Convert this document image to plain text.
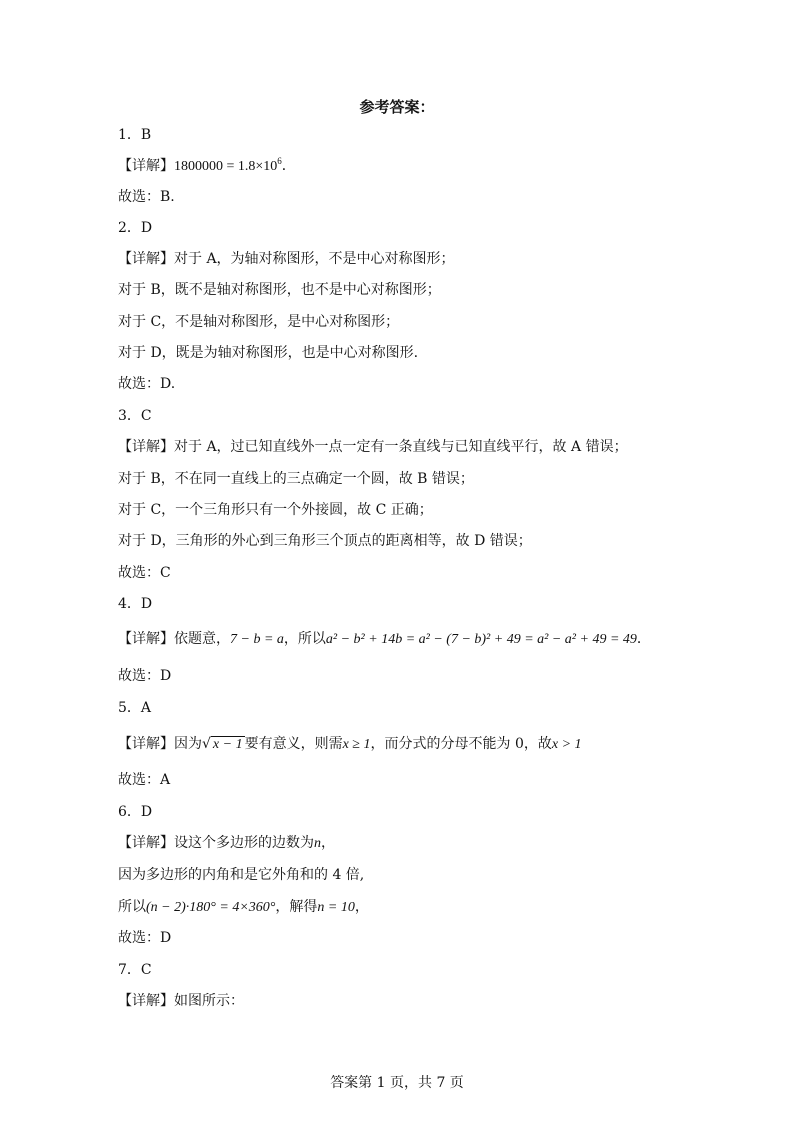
参考答案：
1．B
【详解】$1800000 = 1.8\times 10^6$．
故选：B.
2．D
【详解】对于 A，为轴对称图形，不是中心对称图形；
对于 B，既不是轴对称图形，也不是中心对称图形；
对于 C，不是轴对称图形，是中心对称图形；
对于 D，既是为轴对称图形，也是中心对称图形.
故选：D.
3．C
【详解】对于 A，过已知直线外一点一定有一条直线与已知直线平行，故 A 错误；
对于 B，不在同一直线上的三点确定一个圆，故 B 错误；
对于 C，一个三角形只有一个外接圆，故 C 正确；
对于 D，三角形的外心到三角形三个顶点的距离相等，故 D 错误；
故选：C
4．D
【详解】依题意，7 − b = a，所以a² − b² + 14b = a² − (7 − b)² + 49 = a² − a² + 49 = 49．
故选：D
5．A
【详解】因为√ x − 1 要有意义，则需x ≥ 1，而分式的分母不能为 0，故x > 1
故选：A
6．D
【详解】设这个多边形的边数为n，
因为多边形的内角和是它外角和的 4 倍,
所以(n − 2)·180° = 4×360°，解得n = 10，
故选：D
7．C
【详解】如图所示：
答案第 1 页，共 7 页
